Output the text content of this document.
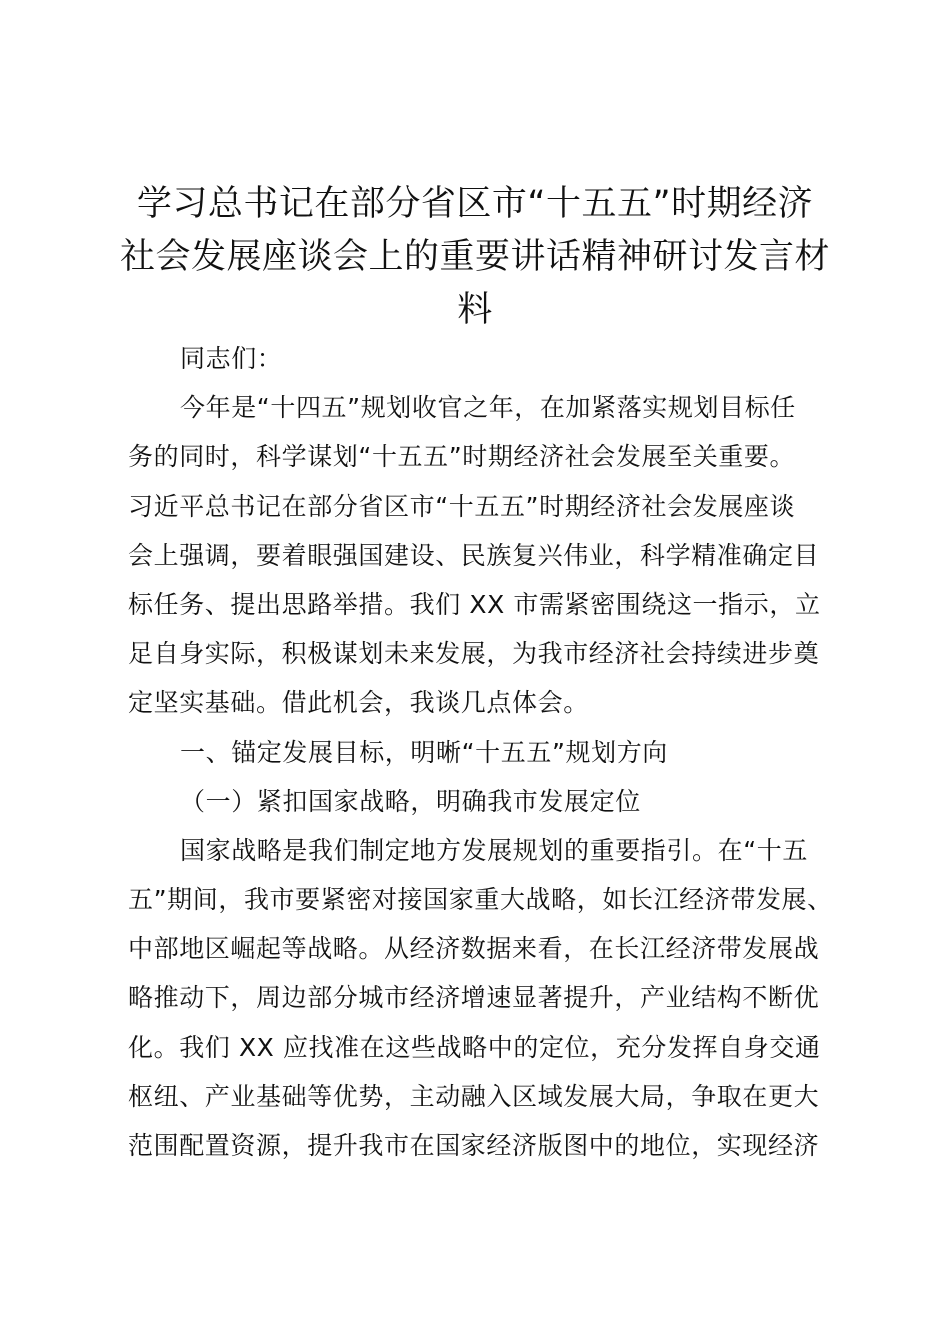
学习总书记在部分省区市“十五五”时期经济
社会发展座谈会上的重要讲话精神研讨发言材
料
同志们：
今年是“十四五”规划收官之年，在加紧落实规划目标任
务的同时，科学谋划“十五五”时期经济社会发展至关重要。
习近平总书记在部分省区市“十五五”时期经济社会发展座谈
会上强调，要着眼强国建设、民族复兴伟业，科学精准确定目
标任务、提出思路举措。我们 XX 市需紧密围绕这一指示，立
足自身实际，积极谋划未来发展，为我市经济社会持续进步奠
定坚实基础。借此机会，我谈几点体会。
一、锚定发展目标，明晰“十五五”规划方向
（一）紧扣国家战略，明确我市发展定位
国家战略是我们制定地方发展规划的重要指引。在“十五
五”期间，我市要紧密对接国家重大战略，如长江经济带发展、
中部地区崛起等战略。从经济数据来看，在长江经济带发展战
略推动下，周边部分城市经济增速显著提升，产业结构不断优
化。我们 XX 应找准在这些战略中的定位，充分发挥自身交通
枢纽、产业基础等优势，主动融入区域发展大局，争取在更大
范围配置资源，提升我市在国家经济版图中的地位，实现经济
